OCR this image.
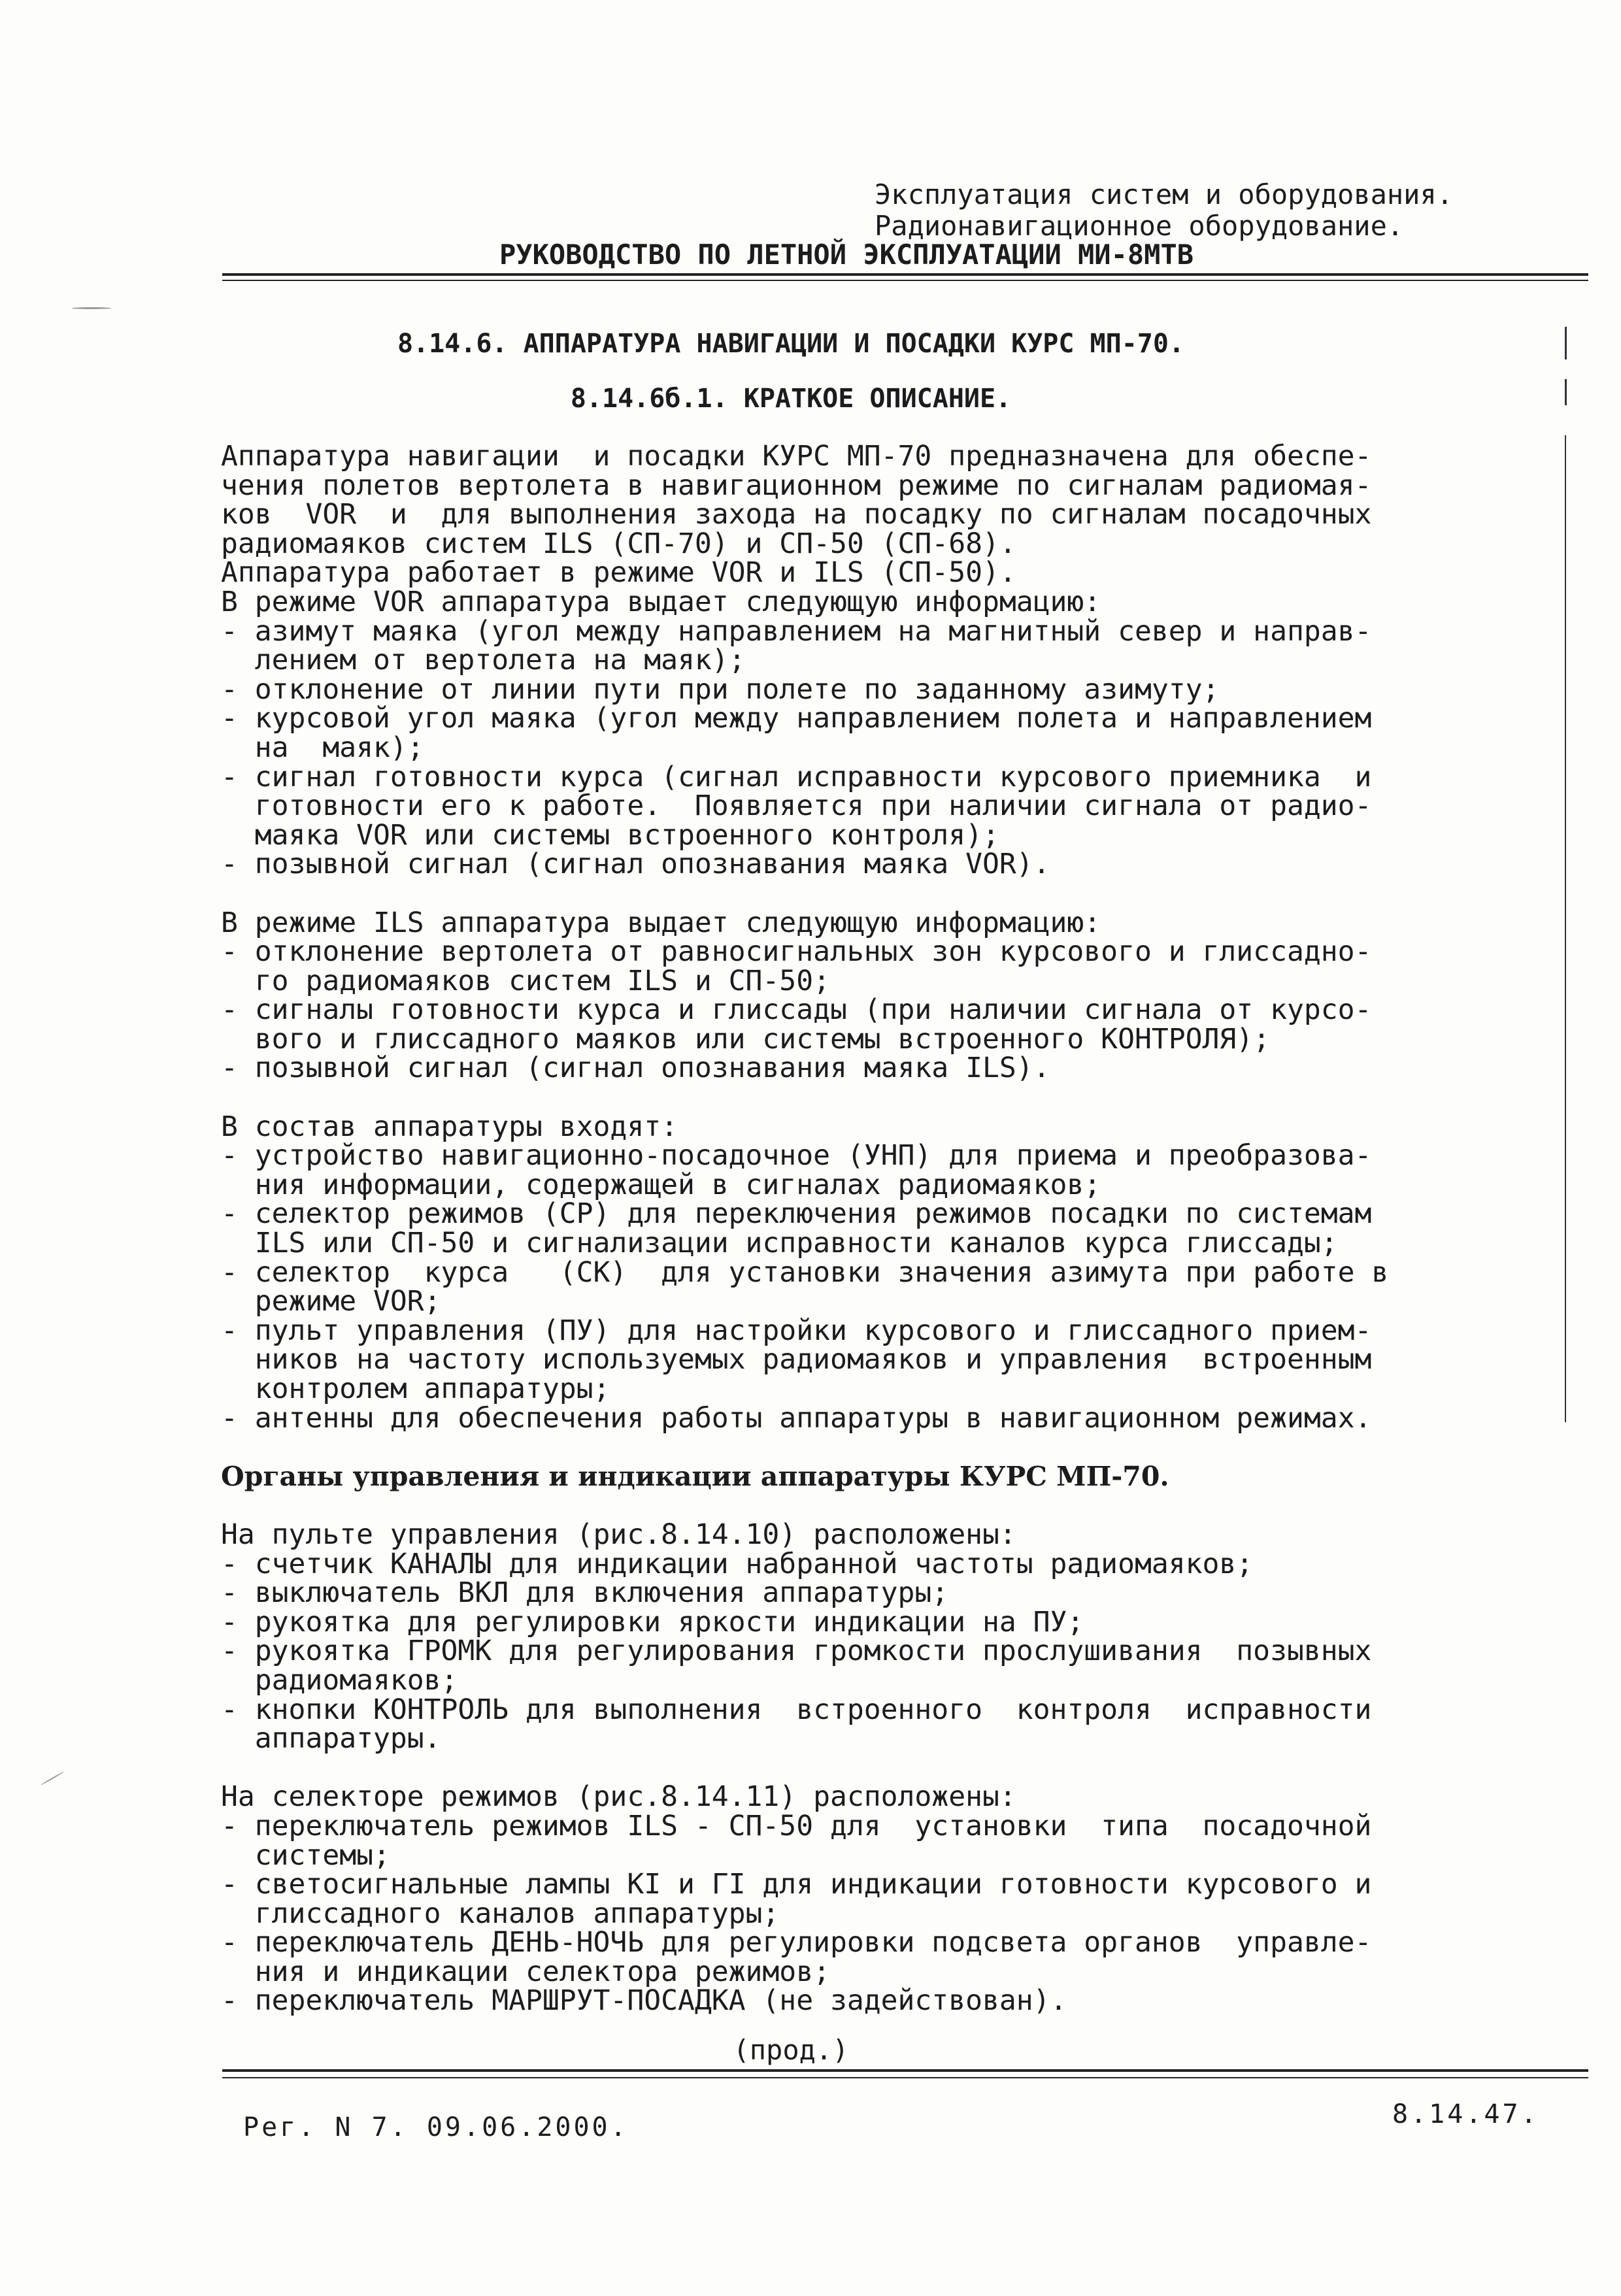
Эксплуатация систем и оборудования.
Радионавигационное оборудование.
РУКОВОДСТВО ПО ЛЕТНОЙ ЭКСПЛУАТАЦИИ МИ-8МТВ
8.14.6. АППАРАТУРА НАВИГАЦИИ И ПОСАДКИ КУРС МП-70.
8.14.6б.1. КРАТКОЕ ОПИСАНИЕ.
Аппаратура навигации  и посадки КУРС МП-70 предназначена для обеспе-
чения полетов вертолета в навигационном режиме по сигналам радиомая-
ков  VOR  и  для выполнения захода на посадку по сигналам посадочных
радиомаяков систем ILS (СП-70) и СП-50 (СП-68).
Аппаратура работает в режиме VOR и ILS (СП-50).
В режиме VOR аппаратура выдает следующую информацию:
- азимут маяка (угол между направлением на магнитный север и направ-
лением от вертолета на маяк);
- отклонение от линии пути при полете по заданному азимуту;
- курсовой угол маяка (угол между направлением полета и направлением
на  маяк);
- сигнал готовности курса (сигнал исправности курсового приемника  и
готовности его к работе.  Появляется при наличии сигнала от радио-
маяка VOR или системы встроенного контроля);
- позывной сигнал (сигнал опознавания маяка VOR).
В режиме ILS аппаратура выдает следующую информацию:
- отклонение вертолета от равносигнальных зон курсового и глиссадно-
го радиомаяков систем ILS и СП-50;
- сигналы готовности курса и глиссады (при наличии сигнала от курсо-
вого и глиссадного маяков или системы встроенного КОНТРОЛЯ);
- позывной сигнал (сигнал опознавания маяка ILS).
В состав аппаратуры входят:
- устройство навигационно-посадочное (УНП) для приема и преобразова-
ния информации, содержащей в сигналах радиомаяков;
- селектор режимов (СР) для переключения режимов посадки по системам
ILS или СП-50 и сигнализации исправности каналов курса глиссады;
- селектор  курса   (СК)  для установки значения азимута при работе в
режиме VOR;
- пульт управления (ПУ) для настройки курсового и глиссадного прием-
ников на частоту используемых радиомаяков и управления  встроенным
контролем аппаратуры;
- антенны для обеспечения работы аппаратуры в навигационном режимах.
Органы управления и индикации аппаратуры КУРС МП-70.
На пульте управления (рис.8.14.10) расположены:
- счетчик КАНАЛЫ для индикации набранной частоты радиомаяков;
- выключатель ВКЛ для включения аппаратуры;
- рукоятка для регулировки яркости индикации на ПУ;
- рукоятка ГРОМК для регулирования громкости прослушивания  позывных
радиомаяков;
- кнопки КОНТРОЛЬ для выполнения  встроенного  контроля  исправности
аппаратуры.
На селекторе режимов (рис.8.14.11) расположены:
- переключатель режимов ILS - СП-50 для  установки  типа  посадочной
системы;
- светосигнальные лампы КI и ГI для индикации готовности курсового и
глиссадного каналов аппаратуры;
- переключатель ДЕНЬ-НОЧЬ для регулировки подсвета органов  управле-
ния и индикации селектора режимов;
- переключатель МАРШРУТ-ПОСАДКА (не задействован).
(прод.)
Рег. N 7. 09.06.2000.	8.14.47.
